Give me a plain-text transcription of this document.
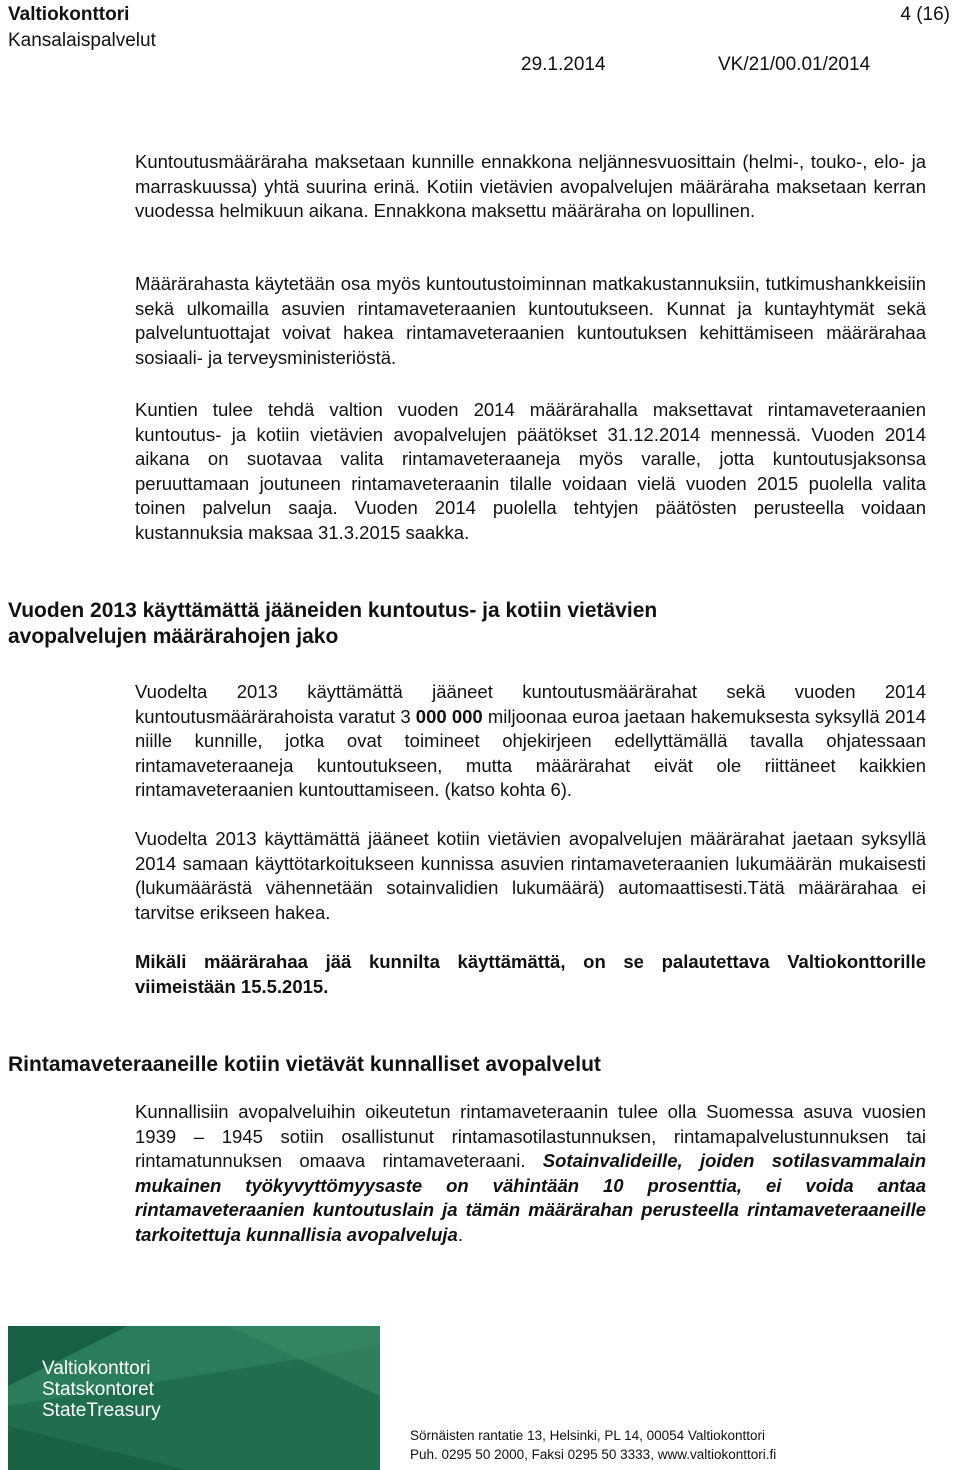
Valtiokonttori
Kansalaispalvelut
4 (16)
29.1.2014	VK/21/00.01/2014

Kuntoutusmääräraha maksetaan kunnille ennakkona neljännesvuosittain (helmi-, touko-, elo- ja marraskuussa) yhtä suurina erinä. Kotiin vietävien avopalvelujen määräraha maksetaan kerran vuodessa helmikuun aikana. Ennakkona maksettu määräraha on lopullinen.

Määrärahasta käytetään osa myös kuntoutustoiminnan matkakustannuksiin, tutkimushankkeisiin sekä ulkomailla asuvien rintamaveteraanien kuntoutukseen. Kunnat ja kuntayhtymät sekä palveluntuottajat voivat hakea rintamaveteraanien kuntoutuksen kehittämiseen määrärahaa sosiaali- ja terveysministeriöstä.

Kuntien tulee tehdä valtion vuoden 2014 määrärahalla maksettavat rintamaveteraanien kuntoutus- ja kotiin vietävien avopalvelujen päätökset 31.12.2014 mennessä. Vuoden 2014 aikana on suotavaa valita rintamaveteraaneja myös varalle, jotta kuntoutusjaksonsa peruuttamaan joutuneen rintamaveteraanin tilalle voidaan vielä vuoden 2015 puolella valita toinen palvelun saaja. Vuoden 2014 puolella tehtyjen päätösten perusteella voidaan kustannuksia maksaa 31.3.2015 saakka.

Vuoden 2013 käyttämättä jääneiden kuntoutus- ja kotiin vietävien avopalvelujen määrärahojen jako

Vuodelta 2013 käyttämättä jääneet kuntoutusmäärärahat sekä vuoden 2014 kuntoutusmäärärahoista varatut 3 000 000 miljoonaa euroa jaetaan hakemuksesta syksyllä 2014 niille kunnille, jotka ovat toimineet ohjekirjeen edellyttämällä tavalla ohjatessaan rintamaveteraaneja kuntoutukseen, mutta määrärahat eivät ole riittäneet kaikkien rintamaveteraanien kuntouttamiseen. (katso kohta 6).

Vuodelta 2013 käyttämättä jääneet kotiin vietävien avopalvelujen määrärahat jaetaan syksyllä 2014 samaan käyttötarkoitukseen kunnissa asuvien rintamaveteraanien lukumäärän mukaisesti (lukumäärästä vähennetään sotainvalidien lukumäärä) automaattisesti.Tätä määrärahaa ei tarvitse erikseen hakea.

Mikäli määrärahaa jää kunnilta käyttämättä, on se palautettava Valtiokonttorille viimeistään 15.5.2015.

Rintamaveteraaneille kotiin vietävät kunnalliset avopalvelut

Kunnallisiin avopalveluihin oikeutetun rintamaveteraanin tulee olla Suomessa asuva vuosien 1939 – 1945 sotiin osallistunut rintamasotilastunnuksen, rintamapalvelustunnuksen tai rintamatunnuksen omaava rintamaveteraani. Sotainvalideille, joiden sotilasvammalain mukainen työkyvyttömyysaste on vähintään 10 prosenttia, ei voida antaa rintamaveteraanien kuntoutuslain ja tämän määrärahan perusteella rintamaveteraaneille tarkoitettuja kunnallisia avopalveluja.

Valtiokonttori
Statskontoret
StateTreasury
Sörnäisten rantatie 13, Helsinki, PL 14, 00054 Valtiokonttori
Puh. 0295 50 2000, Faksi 0295 50 3333, www.valtiokonttori.fi
